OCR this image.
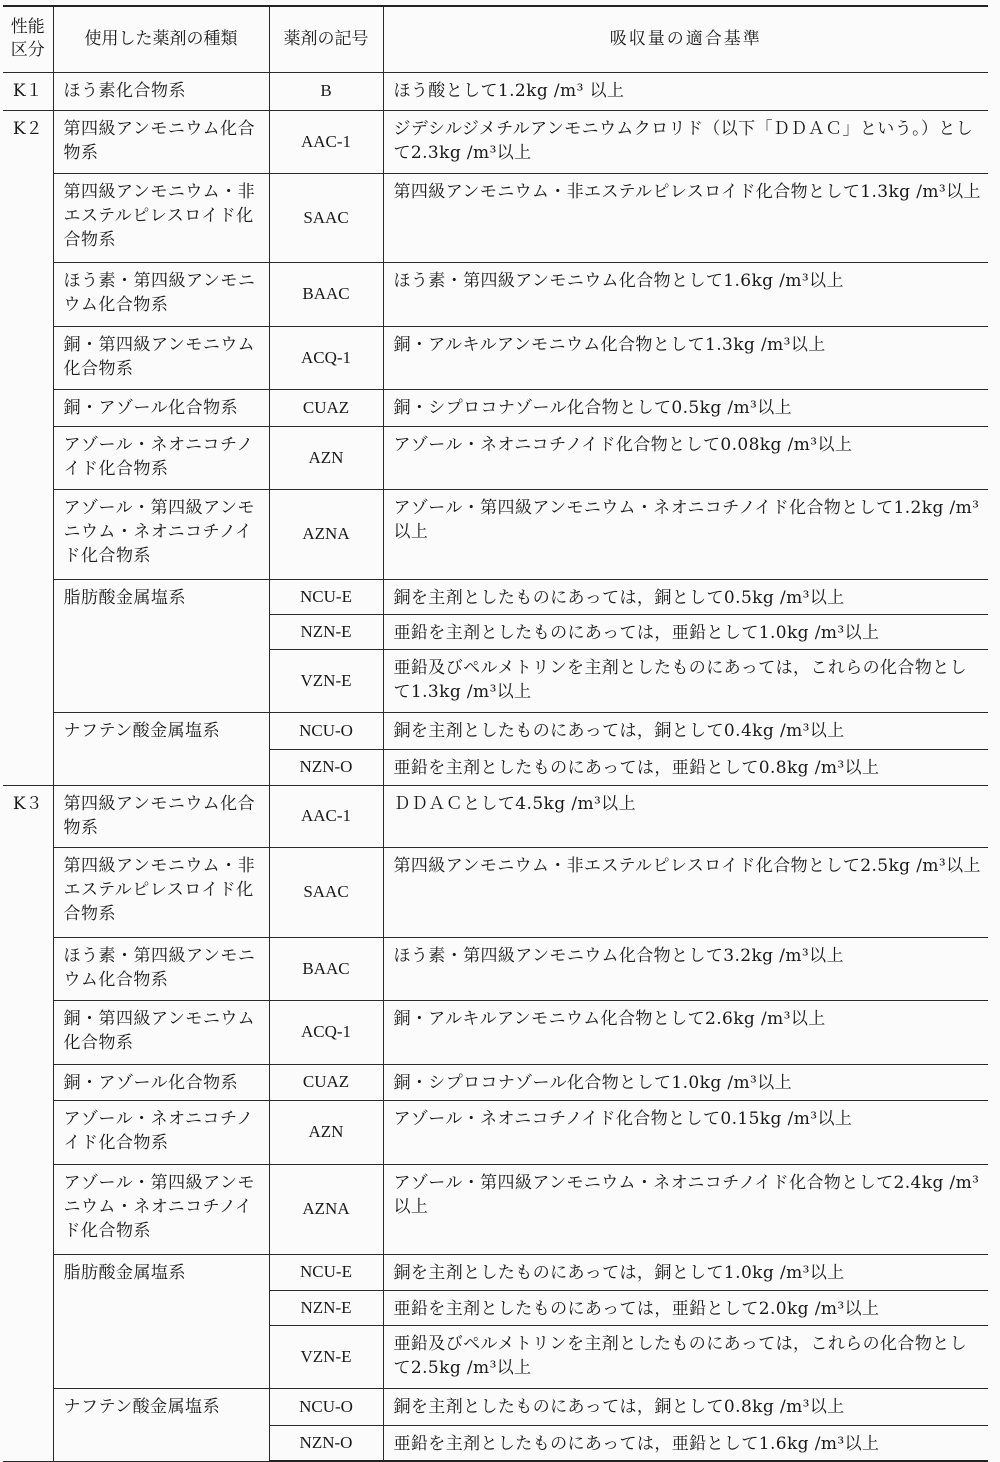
性能区分	使用した薬剤の種類	薬剤の記号	吸収量の適合基準
K１	ほう素化合物系	B	ほう酸として1.2kg /m³ 以上
K２	第四級アンモニウム化合物系	AAC-1	ジデシルジメチルアンモニウムクロリド（以下「ＤＤＡＣ」という。）として2.3kg /m³以上
	第四級アンモニウム・非エステルピレスロイド化合物系	SAAC	第四級アンモニウム・非エステルピレスロイド化合物として1.3kg /m³以上
	ほう素・第四級アンモニウム化合物系	BAAC	ほう素・第四級アンモニウム化合物として1.6kg /m³以上
	銅・第四級アンモニウム化合物系	ACQ-1	銅・アルキルアンモニウム化合物として1.3kg /m³以上
	銅・アゾール化合物系	CUAZ	銅・シプロコナゾール化合物として0.5kg /m³以上
	アゾール・ネオニコチノイド化合物系	AZN	アゾール・ネオニコチノイド化合物として0.08kg /m³以上
	アゾール・第四級アンモニウム・ネオニコチノイド化合物系	AZNA	アゾール・第四級アンモニウム・ネオニコチノイド化合物として1.2kg /m³以上
	脂肪酸金属塩系	NCU-E	銅を主剤としたものにあっては，銅として0.5kg /m³以上
		NZN-E	亜鉛を主剤としたものにあっては，亜鉛として1.0kg /m³以上
		VZN-E	亜鉛及びペルメトリンを主剤としたものにあっては，これらの化合物として1.3kg /m³以上
	ナフテン酸金属塩系	NCU-O	銅を主剤としたものにあっては，銅として0.4kg /m³以上
		NZN-O	亜鉛を主剤としたものにあっては，亜鉛として0.8kg /m³以上
K３	第四級アンモニウム化合物系	AAC-1	ＤＤＡＣとして4.5kg /m³以上
	第四級アンモニウム・非エステルピレスロイド化合物系	SAAC	第四級アンモニウム・非エステルピレスロイド化合物として2.5kg /m³以上
	ほう素・第四級アンモニウム化合物系	BAAC	ほう素・第四級アンモニウム化合物として3.2kg /m³以上
	銅・第四級アンモニウム化合物系	ACQ-1	銅・アルキルアンモニウム化合物として2.6kg /m³以上
	銅・アゾール化合物系	CUAZ	銅・シプロコナゾール化合物として1.0kg /m³以上
	アゾール・ネオニコチノイド化合物系	AZN	アゾール・ネオニコチノイド化合物として0.15kg /m³以上
	アゾール・第四級アンモニウム・ネオニコチノイド化合物系	AZNA	アゾール・第四級アンモニウム・ネオニコチノイド化合物として2.4kg /m³以上
	脂肪酸金属塩系	NCU-E	銅を主剤としたものにあっては，銅として1.0kg /m³以上
		NZN-E	亜鉛を主剤としたものにあっては，亜鉛として2.0kg /m³以上
		VZN-E	亜鉛及びペルメトリンを主剤としたものにあっては，これらの化合物として2.5kg /m³以上
	ナフテン酸金属塩系	NCU-O	銅を主剤としたものにあっては，銅として0.8kg /m³以上
		NZN-O	亜鉛を主剤としたものにあっては，亜鉛として1.6kg /m³以上
